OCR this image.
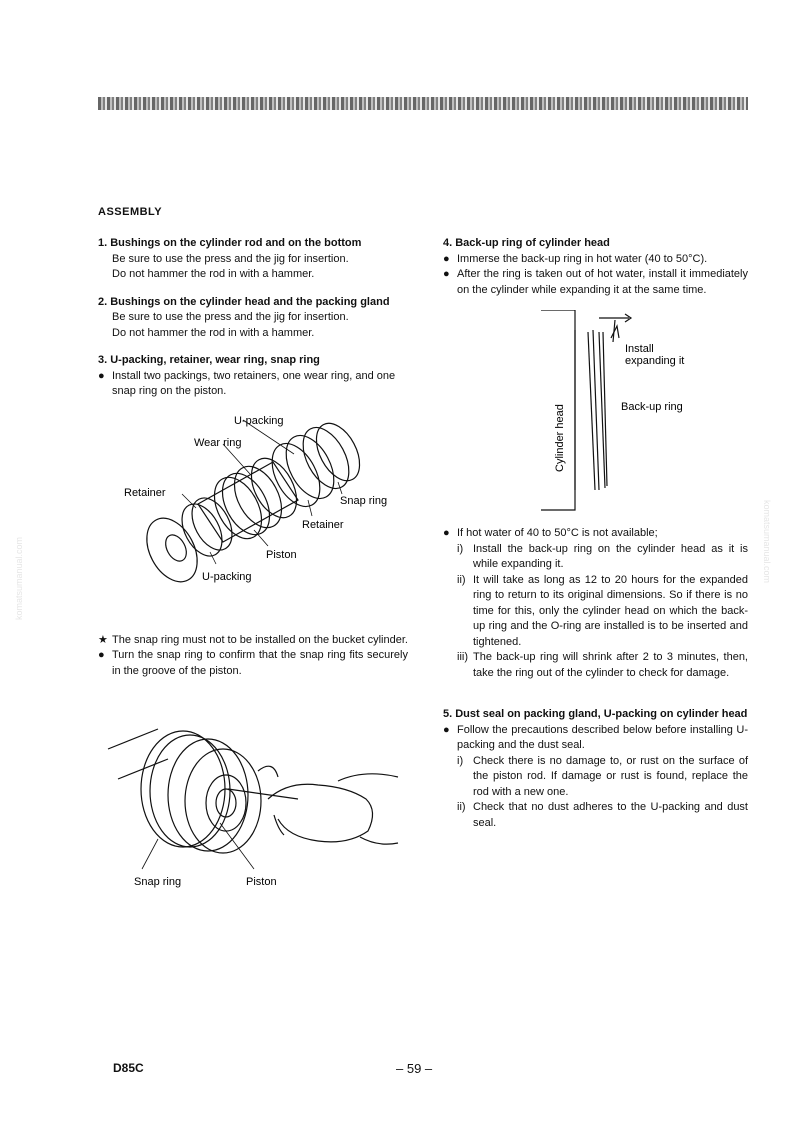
ASSEMBLY
1. Bushings on the cylinder rod and on the bottom
Be sure to use the press and the jig for insertion.
Do not hammer the rod in with a hammer.
2. Bushings on the cylinder head and the packing gland
Be sure to use the press and the jig for insertion.
Do not hammer the rod in with a hammer.
3. U-packing, retainer, wear ring, snap ring
● Install two packings, two retainers, one wear ring, and one snap ring on the piston.
U-packing
Wear ring
Retainer
Snap ring
Retainer
Piston
U-packing
★ The snap ring must not to be installed on the bucket cylinder.
● Turn the snap ring to confirm that the snap ring fits securely in the groove of the piston.
Snap ring	Piston
4. Back-up ring of cylinder head
● Immerse the back-up ring in hot water (40 to 50°C).
● After the ring is taken out of hot water, install it immediately on the cylinder while expanding it at the same time.
Cylinder head
Install
expanding it
Back-up ring
● If hot water of 40 to 50°C is not available;
i) Install the back-up ring on the cylinder head as it is while expanding it.
ii) It will take as long as 12 to 20 hours for the expanded ring to return to its original dimensions. So if there is no time for this, only the cylinder head on which the back-up ring and the O-ring are installed is to be inserted and tightened.
iii) The back-up ring will shrink after 2 to 3 minutes, then, take the ring out of the cylinder to check for damage.
5. Dust seal on packing gland, U-packing on cylinder head
● Follow the precautions described below before installing U-packing and the dust seal.
i) Check there is no damage to, or rust on the surface of the piston rod. If damage or rust is found, replace the rod with a new one.
ii) Check that no dust adheres to the U-packing and dust seal.
D85C	– 59 –
komatsumanual.com	komatsumanual.com
